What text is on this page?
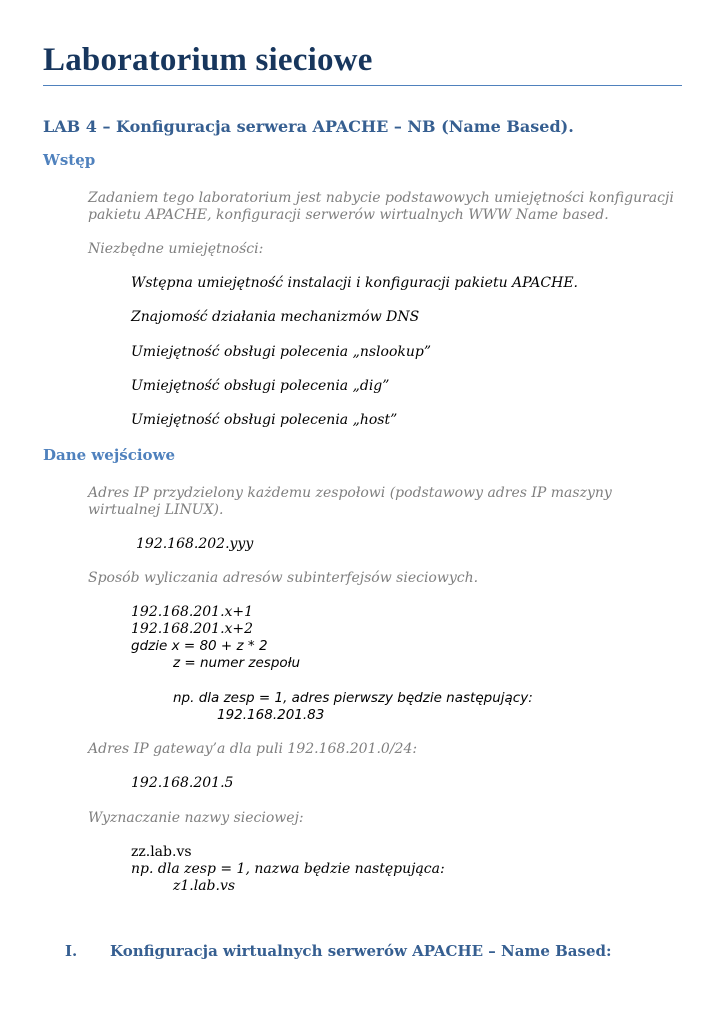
Laboratorium sieciowe
LAB 4 – Konfiguracja serwera APACHE – NB (Name Based).
Wstęp
Zadaniem tego laboratorium jest nabycie podstawowych umiejętności konfiguracji
pakietu APACHE, konfiguracji serwerów wirtualnych WWW Name based.
Niezbędne umiejętności:
Wstępna umiejętność instalacji i konfiguracji pakietu APACHE.
Znajomość działania mechanizmów DNS
Umiejętność obsługi polecenia „nslookup”
Umiejętność obsługi polecenia „dig”
Umiejętność obsługi polecenia „host”
Dane wejściowe
Adres IP przydzielony każdemu zespołowi (podstawowy adres IP maszyny
wirtualnej LINUX).
192.168.202.yyy
Sposób wyliczania adresów subinterfejsów sieciowych.
192.168.201.x+1
192.168.201.x+2
gdzie x = 80 + z * 2
z = numer zespołu
np. dla zesp = 1, adres pierwszy będzie następujący:
192.168.201.83
Adres IP gateway’a dla puli 192.168.201.0/24:
192.168.201.5
Wyznaczanie nazwy sieciowej:
zz.lab.vs
np. dla zesp = 1, nazwa będzie następująca:
z1.lab.vs
I. Konfiguracja wirtualnych serwerów APACHE – Name Based:
